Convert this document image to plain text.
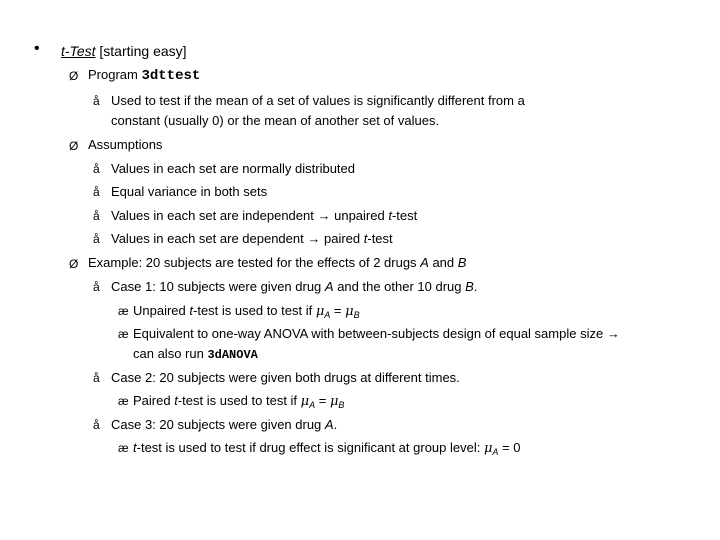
• t-Test [starting easy]
Ø Program 3dttest
å Used to test if the mean of a set of values is significantly different from a
constant (usually 0) or the mean of another set of values.
Ø Assumptions
å Values in each set are normally distributed
å Equal variance in both sets
å Values in each set are independent → unpaired t-test
å Values in each set are dependent → paired t-test
Ø Example: 20 subjects are tested for the effects of 2 drugs A and B
å Case 1: 10 subjects were given drug A and the other 10 drug B.
æ Unpaired t-test is used to test if $\mu_A = \mu_B$
æ Equivalent to one-way ANOVA with between-subjects design of equal sample size →
can also run 3dANOVA
å Case 2: 20 subjects were given both drugs at different times.
æ Paired t-test is used to test if $\mu_A = \mu_B$
å Case 3: 20 subjects were given drug A.
æ t-test is used to test if drug effect is significant at group level: $\mu_A = 0$
